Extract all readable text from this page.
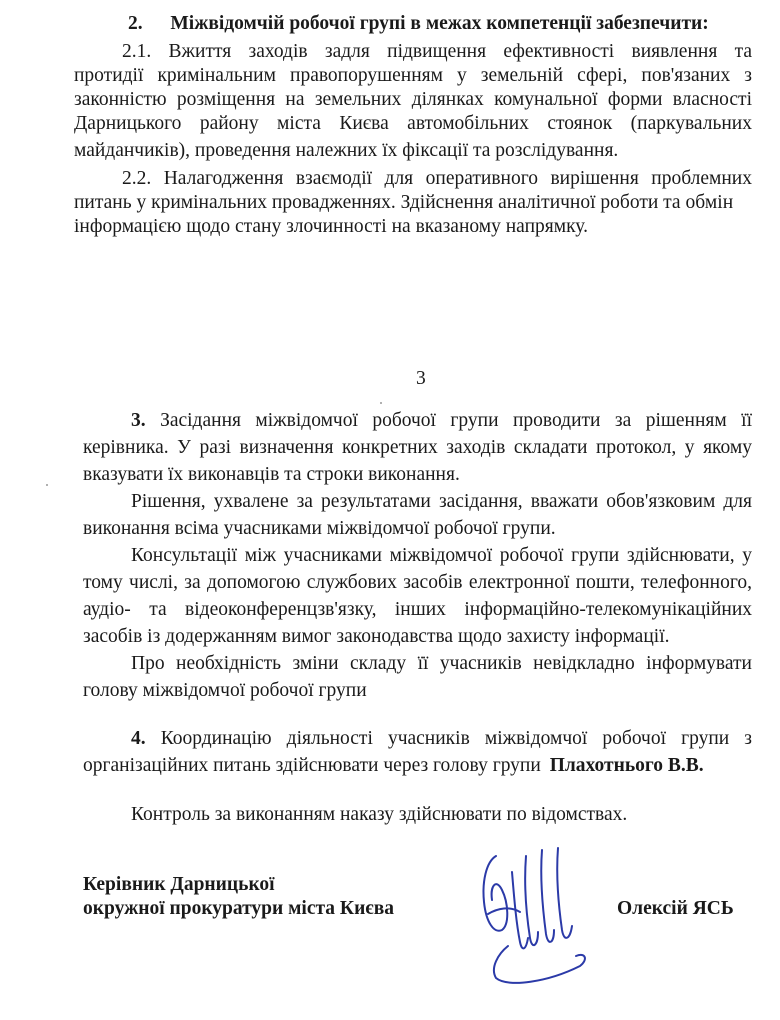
2. Міжвідомчій робочої групі в межах компетенції забезпечити:
2.1. Вжиття заходів задля підвищення ефективності виявлення та
протидії кримінальним правопорушенням у земельній сфері, пов'язаних з
законністю розміщення на земельних ділянках комунальної форми власності
Дарницького району міста Києва автомобільних стоянок (паркувальних
майданчиків), проведення належних їх фіксації та розслідування.
2.2. Налагодження взаємодії для оперативного вирішення проблемних
питань у кримінальних провадженнях. Здійснення аналітичної роботи та обмін
інформацією щодо стану злочинності на вказаному напрямку.
3
3. Засідання міжвідомчої робочої групи проводити за рішенням її
керівника. У разі визначення конкретних заходів складати протокол, у якому
вказувати їх виконавців та строки виконання.
Рішення, ухвалене за результатами засідання, вважати обов'язковим для
виконання всіма учасниками міжвідомчої робочої групи.
Консультації між учасниками міжвідомчої робочої групи здійснювати, у
тому числі, за допомогою службових засобів електронної пошти, телефонного,
аудіо- та відеоконференцзв'язку, інших інформаційно-телекомунікаційних
засобів із додержанням вимог законодавства щодо захисту інформації.
Про необхідність зміни складу її учасників невідкладно інформувати
голову міжвідомчої робочої групи
4. Координацію діяльності учасників міжвідомчої робочої групи з
організаційних питань здійснювати через голову групи Плахотнього В.В.
Контроль за виконанням наказу здійснювати по відомствах.
Керівник Дарницької
окружної прокуратури міста Києва	Олексій ЯСЬ
